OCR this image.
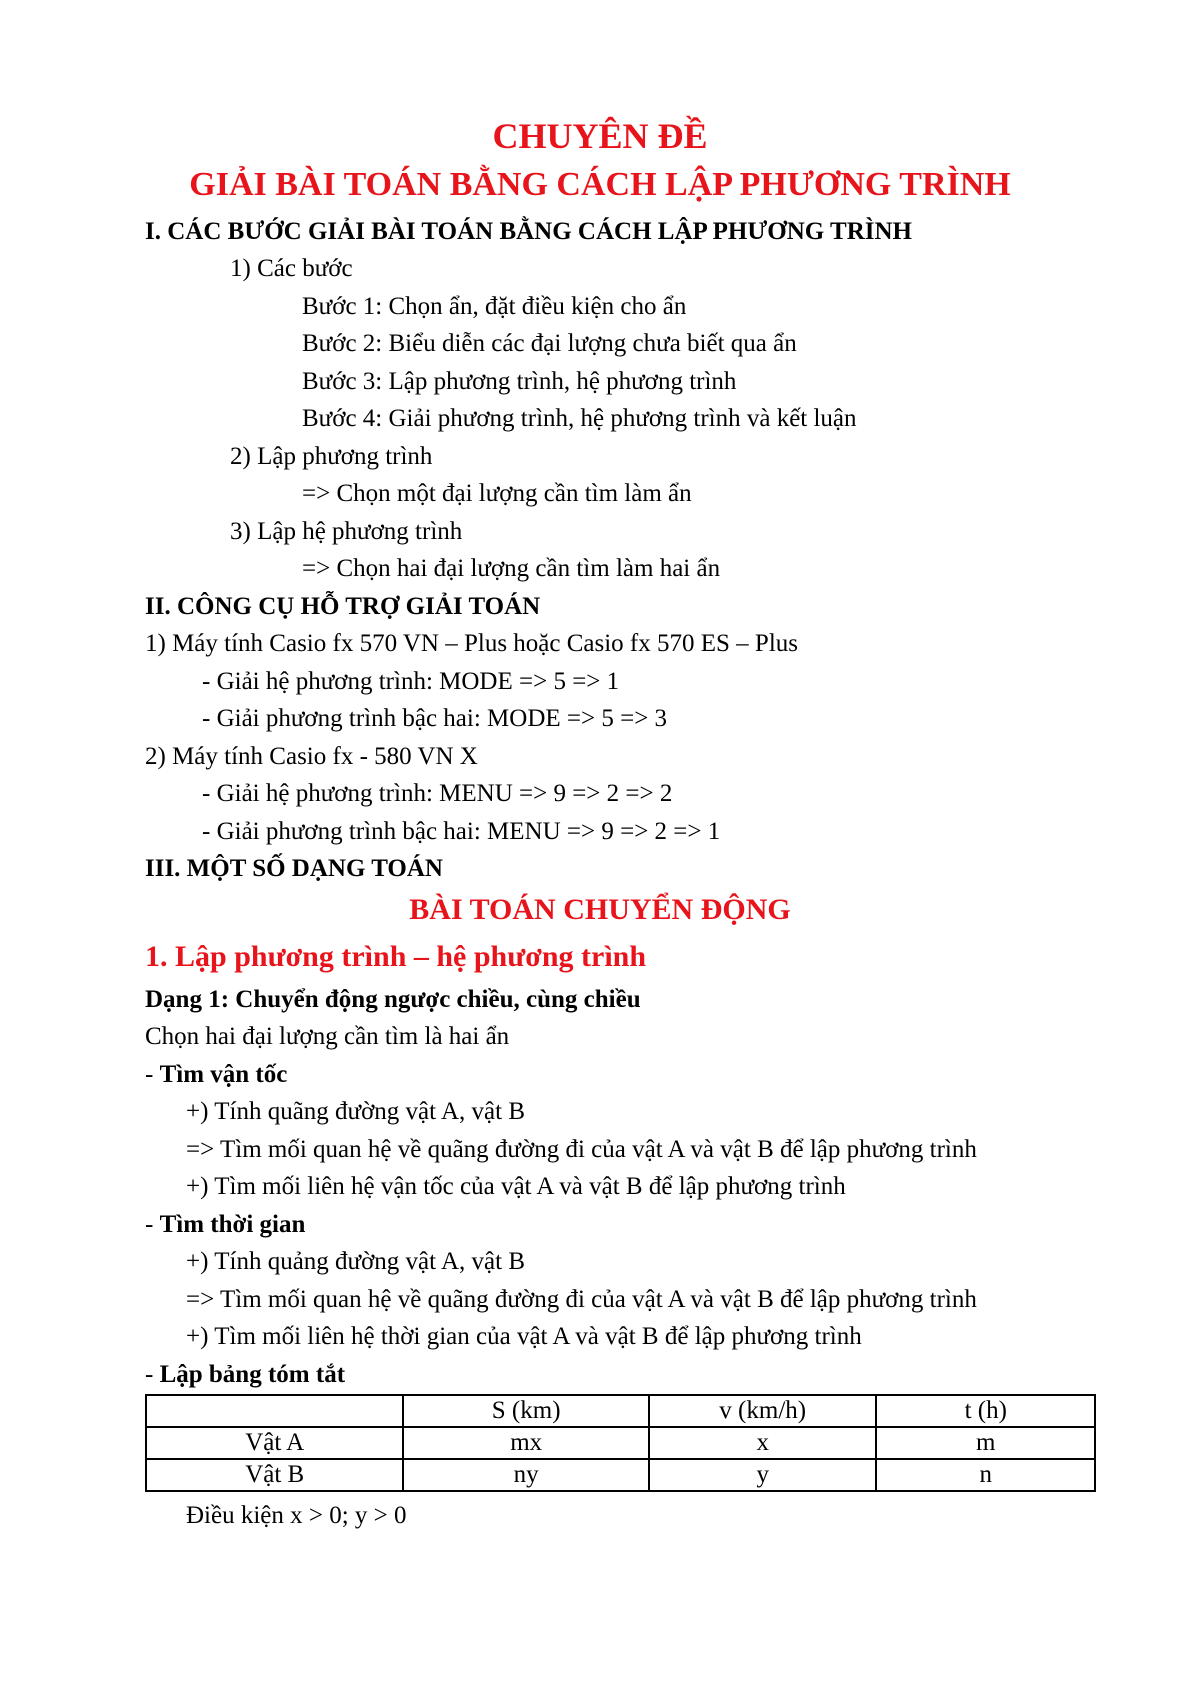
CHUYÊN ĐỀ
GIẢI BÀI TOÁN BẰNG CÁCH LẬP PHƯƠNG TRÌNH
I. CÁC BƯỚC GIẢI BÀI TOÁN BẰNG CÁCH LẬP PHƯƠNG TRÌNH
1) Các bước
Bước 1: Chọn ẩn, đặt điều kiện cho ẩn
Bước 2: Biểu diễn các đại lượng chưa biết qua ẩn
Bước 3: Lập phương trình, hệ phương trình
Bước 4: Giải phương trình, hệ phương trình và kết luận
2) Lập phương trình
=> Chọn một đại lượng cần tìm làm ẩn
3) Lập hệ phương trình
=> Chọn hai đại lượng cần tìm làm hai ẩn
II. CÔNG CỤ HỖ TRỢ GIẢI TOÁN
1) Máy tính Casio fx 570 VN – Plus hoặc Casio fx 570 ES – Plus
- Giải hệ phương trình: MODE => 5 => 1
- Giải phương trình bậc hai: MODE => 5 => 3
2) Máy tính Casio fx - 580 VN X
- Giải hệ phương trình: MENU => 9 => 2 => 2
- Giải phương trình bậc hai: MENU => 9 => 2 => 1
III. MỘT SỐ DẠNG TOÁN
BÀI TOÁN CHUYỂN ĐỘNG
1. Lập phương trình – hệ phương trình
Dạng 1: Chuyển động ngược chiều, cùng chiều
Chọn hai đại lượng cần tìm là hai ẩn
- Tìm vận tốc
+) Tính quãng đường vật A, vật B
=> Tìm mối quan hệ về quãng đường đi của vật A và vật B để lập phương trình
+) Tìm mối liên hệ vận tốc của vật A và vật B để lập phương trình
- Tìm thời gian
+) Tính quảng đường vật A, vật B
=> Tìm mối quan hệ về quãng đường đi của vật A và vật B để lập phương trình
+) Tìm mối liên hệ thời gian của vật A và vật B để lập phương trình
- Lập bảng tóm tắt
	S (km)	v (km/h)	t (h)
Vật A	mx	x	m
Vật B	ny	y	n
Điều kiện x > 0; y > 0
